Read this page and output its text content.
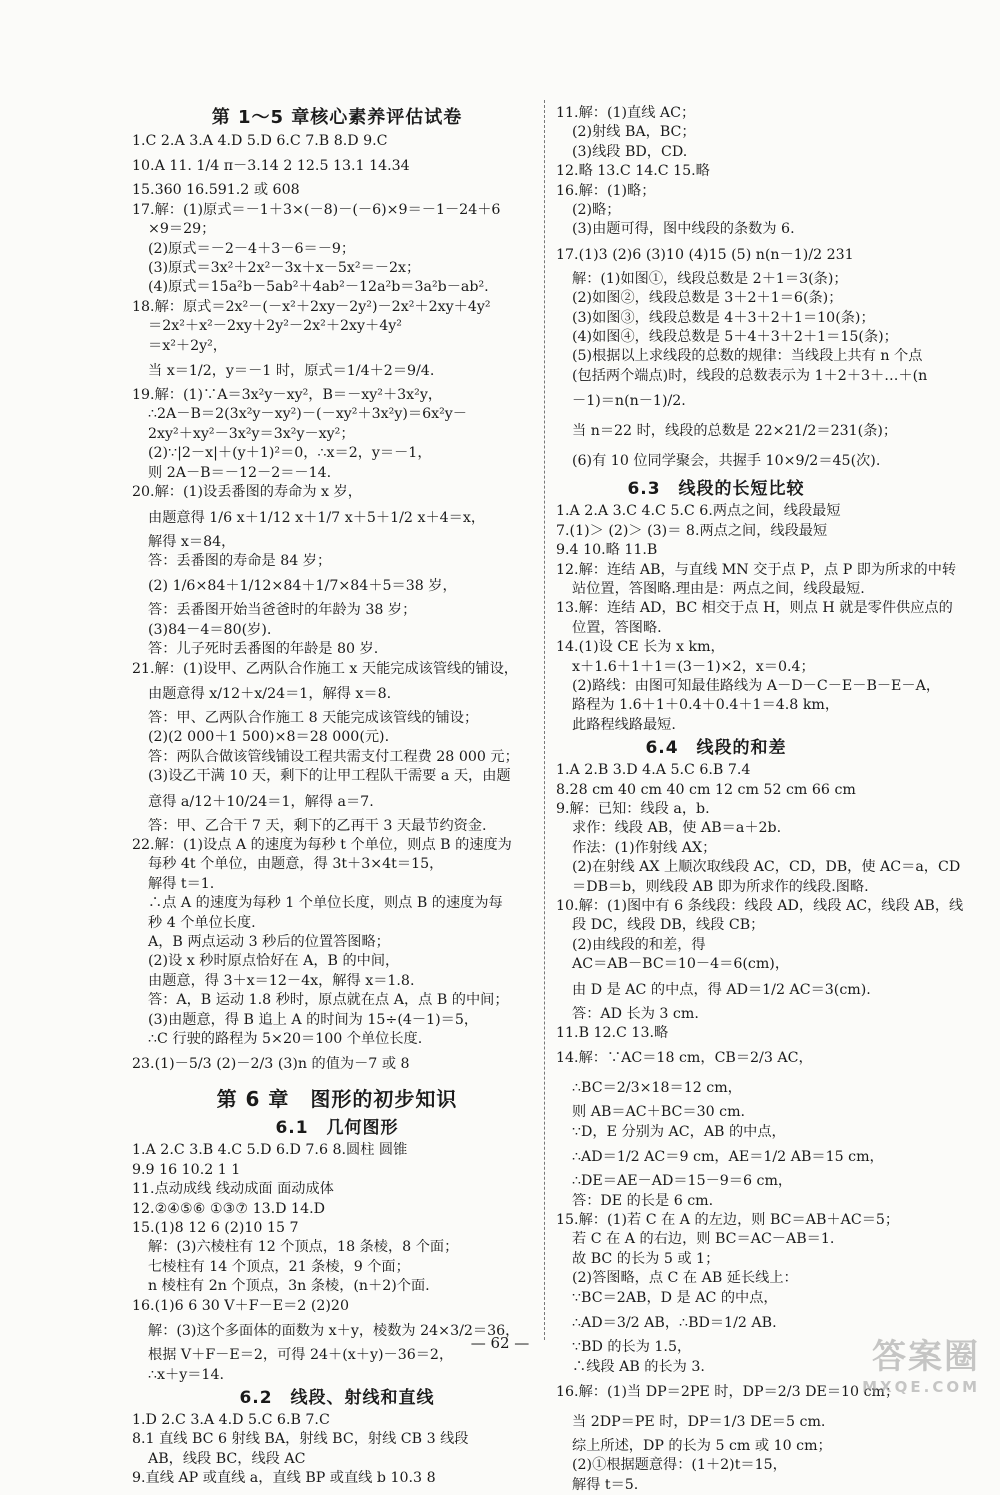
第 1～5 章核心素养评估试卷
1.C 2.A 3.A 4.D 5.D 6.C 7.B 8.D 9.C
10.A 11. 1/4 π－3.14 2 12.5 13.1 14.34
15.360 16.591.2 或 608
17.解：(1)原式＝－1＋3×(－8)－(－6)×9＝－1－24＋6
×9＝29；
(2)原式＝－2－4＋3－6＝－9；
(3)原式＝3x²＋2x²－3x＋x－5x²＝－2x；
(4)原式＝15a²b－5ab²＋4ab²－12a²b＝3a²b－ab².
18.解：原式＝2x²－(－x²＋2xy－2y²)－2x²＋2xy＋4y²
＝2x²＋x²－2xy＋2y²－2x²＋2xy＋4y²
＝x²＋2y²，
当 x＝1/2，y＝－1 时，原式＝1/4＋2＝9/4.
19.解：(1)∵A＝3x²y－xy²，B＝－xy²＋3x²y，
∴2A－B＝2(3x²y－xy²)－(－xy²＋3x²y)＝6x²y－
2xy²＋xy²－3x²y＝3x²y－xy²；
(2)∵|2－x|＋(y＋1)²＝0，∴x＝2，y＝－1，
则 2A－B＝－12－2＝－14.
20.解：(1)设丢番图的寿命为 x 岁，
由题意得 1/6 x＋1/12 x＋1/7 x＋5＋1/2 x＋4＝x，
解得 x＝84，
答：丢番图的寿命是 84 岁；
(2) 1/6×84＋1/12×84＋1/7×84＋5＝38 岁，
答：丢番图开始当爸爸时的年龄为 38 岁；
(3)84－4＝80(岁).
答：儿子死时丢番图的年龄是 80 岁.
21.解：(1)设甲、乙两队合作施工 x 天能完成该管线的铺设，
由题意得 x/12＋x/24＝1，解得 x＝8.
答：甲、乙两队合作施工 8 天能完成该管线的铺设；
(2)(2 000＋1 500)×8＝28 000(元).
答：两队合做该管线铺设工程共需支付工程费 28 000 元；
(3)设乙干满 10 天，剩下的让甲工程队干需要 a 天，由题
意得 a/12＋10/24＝1，解得 a＝7.
答：甲、乙合干 7 天，剩下的乙再干 3 天最节约资金.
22.解：(1)设点 A 的速度为每秒 t 个单位，则点 B 的速度为
每秒 4t 个单位，由题意，得 3t＋3×4t＝15，
解得 t＝1.
∴点 A 的速度为每秒 1 个单位长度，则点 B 的速度为每
秒 4 个单位长度.
A，B 两点运动 3 秒后的位置答图略；
(2)设 x 秒时原点恰好在 A，B 的中间，
由题意，得 3＋x＝12－4x，解得 x＝1.8.
答：A，B 运动 1.8 秒时，原点就在点 A，点 B 的中间；
(3)由题意，得 B 追上 A 的时间为 15÷(4－1)＝5，
∴C 行驶的路程为 5×20＝100 个单位长度.
23.(1)－5/3 (2)－2/3 (3)n 的值为－7 或 8
第 6 章　图形的初步知识
6.1　几何图形
1.A 2.C 3.B 4.C 5.D 6.D 7.6 8.圆柱 圆锥
9.9 16 10.2 1 1
11.点动成线 线动成面 面动成体
12.②④⑤⑥ ①③⑦ 13.D 14.D
15.(1)8 12 6 (2)10 15 7
解：(3)六棱柱有 12 个顶点，18 条棱，8 个面；
七棱柱有 14 个顶点，21 条棱，9 个面；
n 棱柱有 2n 个顶点，3n 条棱，(n＋2)个面.
16.(1)6 6 30 V＋F－E＝2 (2)20
解：(3)这个多面体的面数为 x＋y，棱数为 24×3/2＝36，
根据 V＋F－E＝2，可得 24＋(x＋y)－36＝2，
∴x＋y＝14.
6.2　线段、射线和直线
1.D 2.C 3.A 4.D 5.C 6.B 7.C
8.1 直线 BC 6 射线 BA，射线 BC，射线 CB 3 线段
AB，线段 BC，线段 AC
9.直线 AP 或直线 a，直线 BP 或直线 b 10.3 8
11.解：(1)直线 AC；
(2)射线 BA，BC；
(3)线段 BD，CD.
12.略 13.C 14.C 15.略
16.解：(1)略；
(2)略；
(3)由题可得，图中线段的条数为 6.
17.(1)3 (2)6 (3)10 (4)15 (5) n(n－1)/2 231
解：(1)如图①，线段总数是 2＋1＝3(条)；
(2)如图②，线段总数是 3＋2＋1＝6(条)；
(3)如图③，线段总数是 4＋3＋2＋1＝10(条)；
(4)如图④，线段总数是 5＋4＋3＋2＋1＝15(条)；
(5)根据以上求线段的总数的规律：当线段上共有 n 个点
(包括两个端点)时，线段的总数表示为 1＋2＋3＋…＋(n
－1)＝n(n－1)/2.
当 n＝22 时，线段的总数是 22×21/2＝231(条)；
(6)有 10 位同学聚会，共握手 10×9/2＝45(次).
6.3　线段的长短比较
1.A 2.A 3.C 4.C 5.C 6.两点之间，线段最短
7.(1)＞ (2)＞ (3)＝ 8.两点之间，线段最短
9.4 10.略 11.B
12.解：连结 AB，与直线 MN 交于点 P，点 P 即为所求的中转
站位置，答图略.理由是：两点之间，线段最短.
13.解：连结 AD，BC 相交于点 H，则点 H 就是零件供应点的
位置，答图略.
14.(1)设 CE 长为 x km，
x＋1.6＋1＋1＝(3－1)×2，x＝0.4；
(2)路线：由图可知最佳路线为 A－D－C－E－B－E－A，
路程为 1.6＋1＋0.4＋0.4＋1＝4.8 km，
此路程线路最短.
6.4　线段的和差
1.A 2.B 3.D 4.A 5.C 6.B 7.4
8.28 cm 40 cm 40 cm 12 cm 52 cm 66 cm
9.解：已知：线段 a，b.
求作：线段 AB，使 AB＝a＋2b.
作法：(1)作射线 AX；
(2)在射线 AX 上顺次取线段 AC，CD，DB，使 AC＝a，CD
＝DB＝b，则线段 AB 即为所求作的线段.图略.
10.解：(1)图中有 6 条线段：线段 AD，线段 AC，线段 AB，线
段 DC，线段 DB，线段 CB；
(2)由线段的和差，得
AC＝AB－BC＝10－4＝6(cm)，
由 D 是 AC 的中点，得 AD＝1/2 AC＝3(cm).
答：AD 长为 3 cm.
11.B 12.C 13.略
14.解：∵AC＝18 cm，CB＝2/3 AC，
∴BC＝2/3×18＝12 cm，
则 AB＝AC＋BC＝30 cm.
∵D，E 分别为 AC，AB 的中点，
∴AD＝1/2 AC＝9 cm，AE＝1/2 AB＝15 cm，
∴DE＝AE－AD＝15－9＝6 cm，
答：DE 的长是 6 cm.
15.解：(1)若 C 在 A 的左边，则 BC＝AB＋AC＝5；
若 C 在 A 的右边，则 BC＝AC－AB＝1.
故 BC 的长为 5 或 1；
(2)答图略，点 C 在 AB 延长线上：
∵BC＝2AB，D 是 AC 的中点，
∴AD＝3/2 AB，∴BD＝1/2 AB.
∵BD 的长为 1.5，
∴线段 AB 的长为 3.
16.解：(1)当 DP＝2PE 时，DP＝2/3 DE＝10 cm；
当 2DP＝PE 时，DP＝1/3 DE＝5 cm.
综上所述，DP 的长为 5 cm 或 10 cm；
(2)①根据题意得：(1＋2)t＝15，
解得 t＝5.
— 62 —	答案圈
MXQE.COM
